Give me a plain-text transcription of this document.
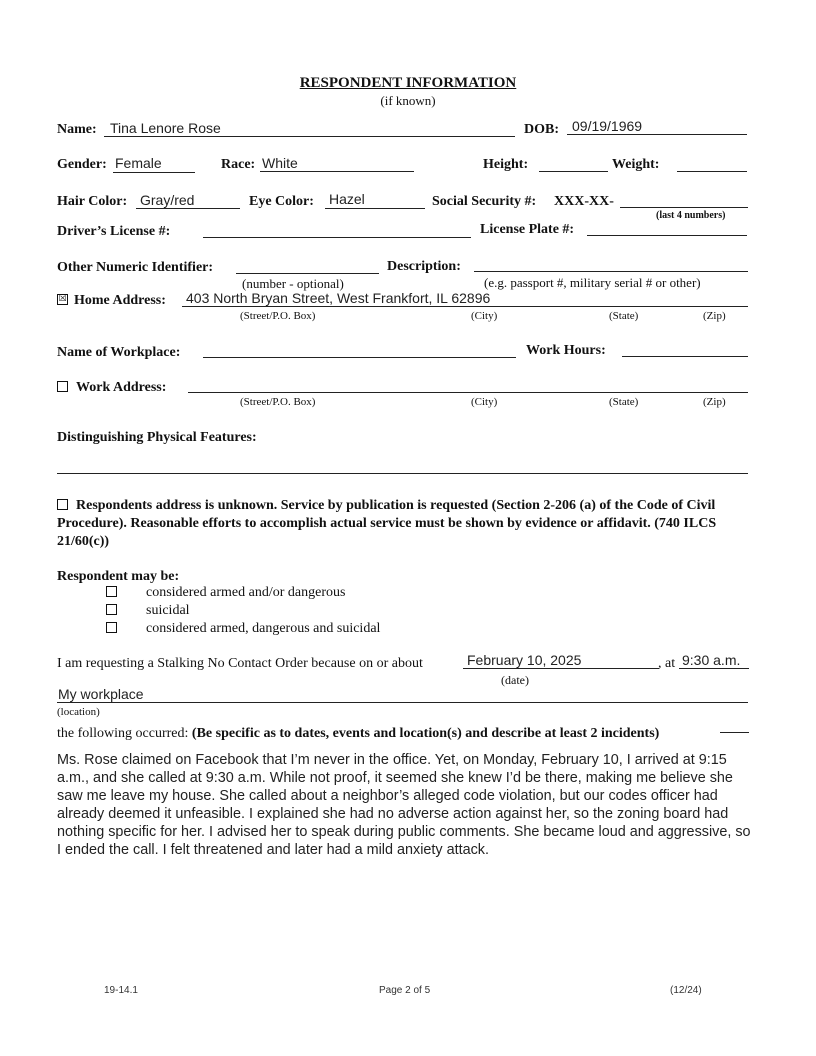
RESPONDENT INFORMATION
(if known)
Name: Tina Lenore Rose	DOB: 09/19/1969
Gender: Female	Race: White	Height:	Weight:
Hair Color: Gray/red	Eye Color: Hazel	Social Security #: XXX-XX-
(last 4 numbers)
Driver’s License #:	License Plate #:
Other Numeric Identifier:
(number - optional)
Description:
(e.g. passport #, military serial # or other)
☒ Home Address: 403 North Bryan Street, West Frankfort, IL 62896
(Street/P.O. Box)	(City)	(State)	(Zip)
Name of Workplace:	Work Hours:
Work Address:
(Street/P.O. Box)	(City)	(State)	(Zip)
Distinguishing Physical Features:
Respondents address is unknown. Service by publication is requested (Section 2-206 (a) of the Code of Civil Procedure). Reasonable efforts to accomplish actual service must be shown by evidence or affidavit. (740 ILCS 21/60(c))
Respondent may be:
considered armed and/or dangerous
suicidal
considered armed, dangerous and suicidal
I am requesting a Stalking No Contact Order because on or about	February 10, 2025
(date)
, at 9:30 a.m.
My workplace
(location)
the following occurred: (Be specific as to dates, events and location(s) and describe at least 2 incidents)
Ms. Rose claimed on Facebook that I’m never in the office. Yet, on Monday, February 10, I arrived at 9:15 a.m., and she called at 9:30 a.m. While not proof, it seemed she knew I’d be there, making me believe she saw me leave my house. She called about a neighbor’s alleged code violation, but our codes officer had already deemed it unfeasible. I explained she had no adverse action against her, so the zoning board had nothing specific for her. I advised her to speak during public comments. She became loud and aggressive, so I ended the call. I felt threatened and later had a mild anxiety attack.
19-14.1	Page 2 of 5	(12/24)
